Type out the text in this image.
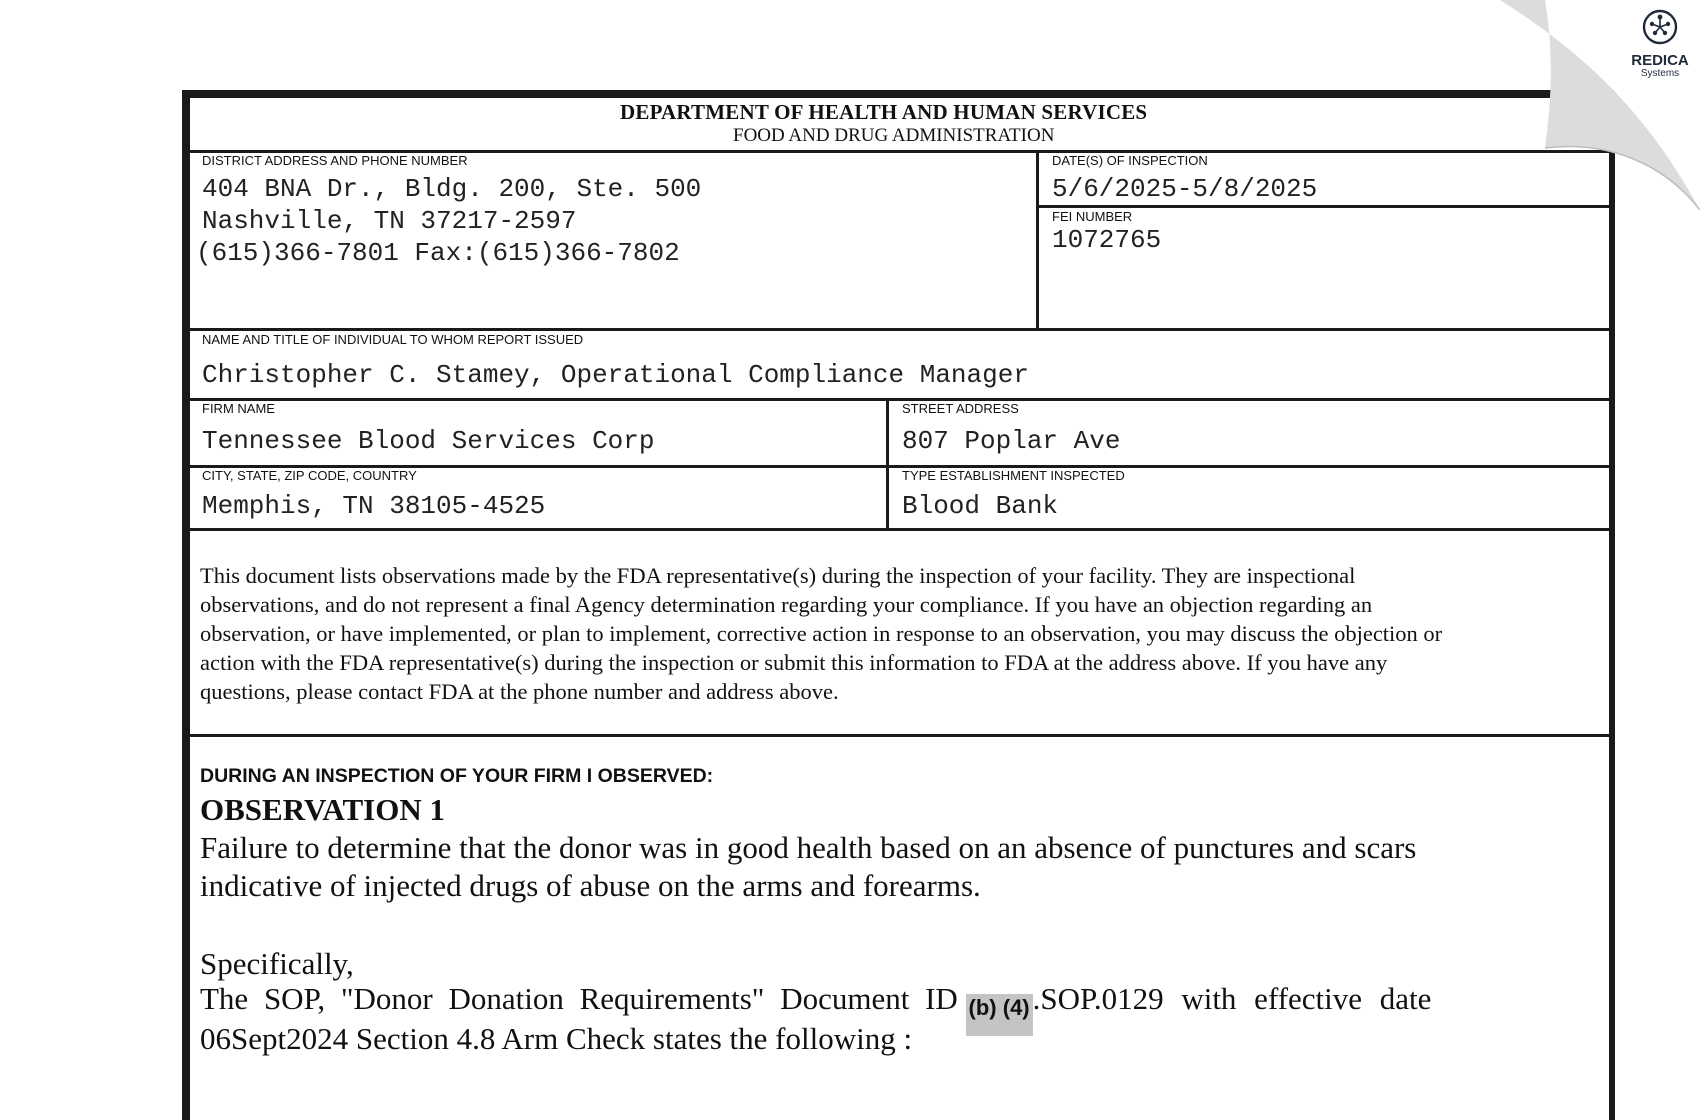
DEPARTMENT OF HEALTH AND HUMAN SERVICES
FOOD AND DRUG ADMINISTRATION
DISTRICT ADDRESS AND PHONE NUMBER
404 BNA Dr., Bldg. 200, Ste. 500
Nashville, TN 37217-2597
(615)366-7801 Fax:(615)366-7802
DATE(S) OF INSPECTION
5/6/2025-5/8/2025
FEI NUMBER
1072765
NAME AND TITLE OF INDIVIDUAL TO WHOM REPORT ISSUED
Christopher C. Stamey, Operational Compliance Manager
FIRM NAME
Tennessee Blood Services Corp
STREET ADDRESS
807 Poplar Ave
CITY, STATE, ZIP CODE, COUNTRY
Memphis, TN 38105-4525
TYPE ESTABLISHMENT INSPECTED
Blood Bank
This document lists observations made by the FDA representative(s) during the inspection of your facility. They are inspectional
observations, and do not represent a final Agency determination regarding your compliance. If you have an objection regarding an
observation, or have implemented, or plan to implement, corrective action in response to an observation, you may discuss the objection or
action with the FDA representative(s) during the inspection or submit this information to FDA at the address above. If you have any
questions, please contact FDA at the phone number and address above.
DURING AN INSPECTION OF YOUR FIRM I OBSERVED:
OBSERVATION 1
Failure to determine that the donor was in good health based on an absence of punctures and scars
indicative of injected drugs of abuse on the arms and forearms.
Specifically,
The SOP, "Donor Donation Requirements" Document ID (b) (4).SOP.0129 with effective date
06Sept2024 Section 4.8 Arm Check states the following :
REDICA
Systems
